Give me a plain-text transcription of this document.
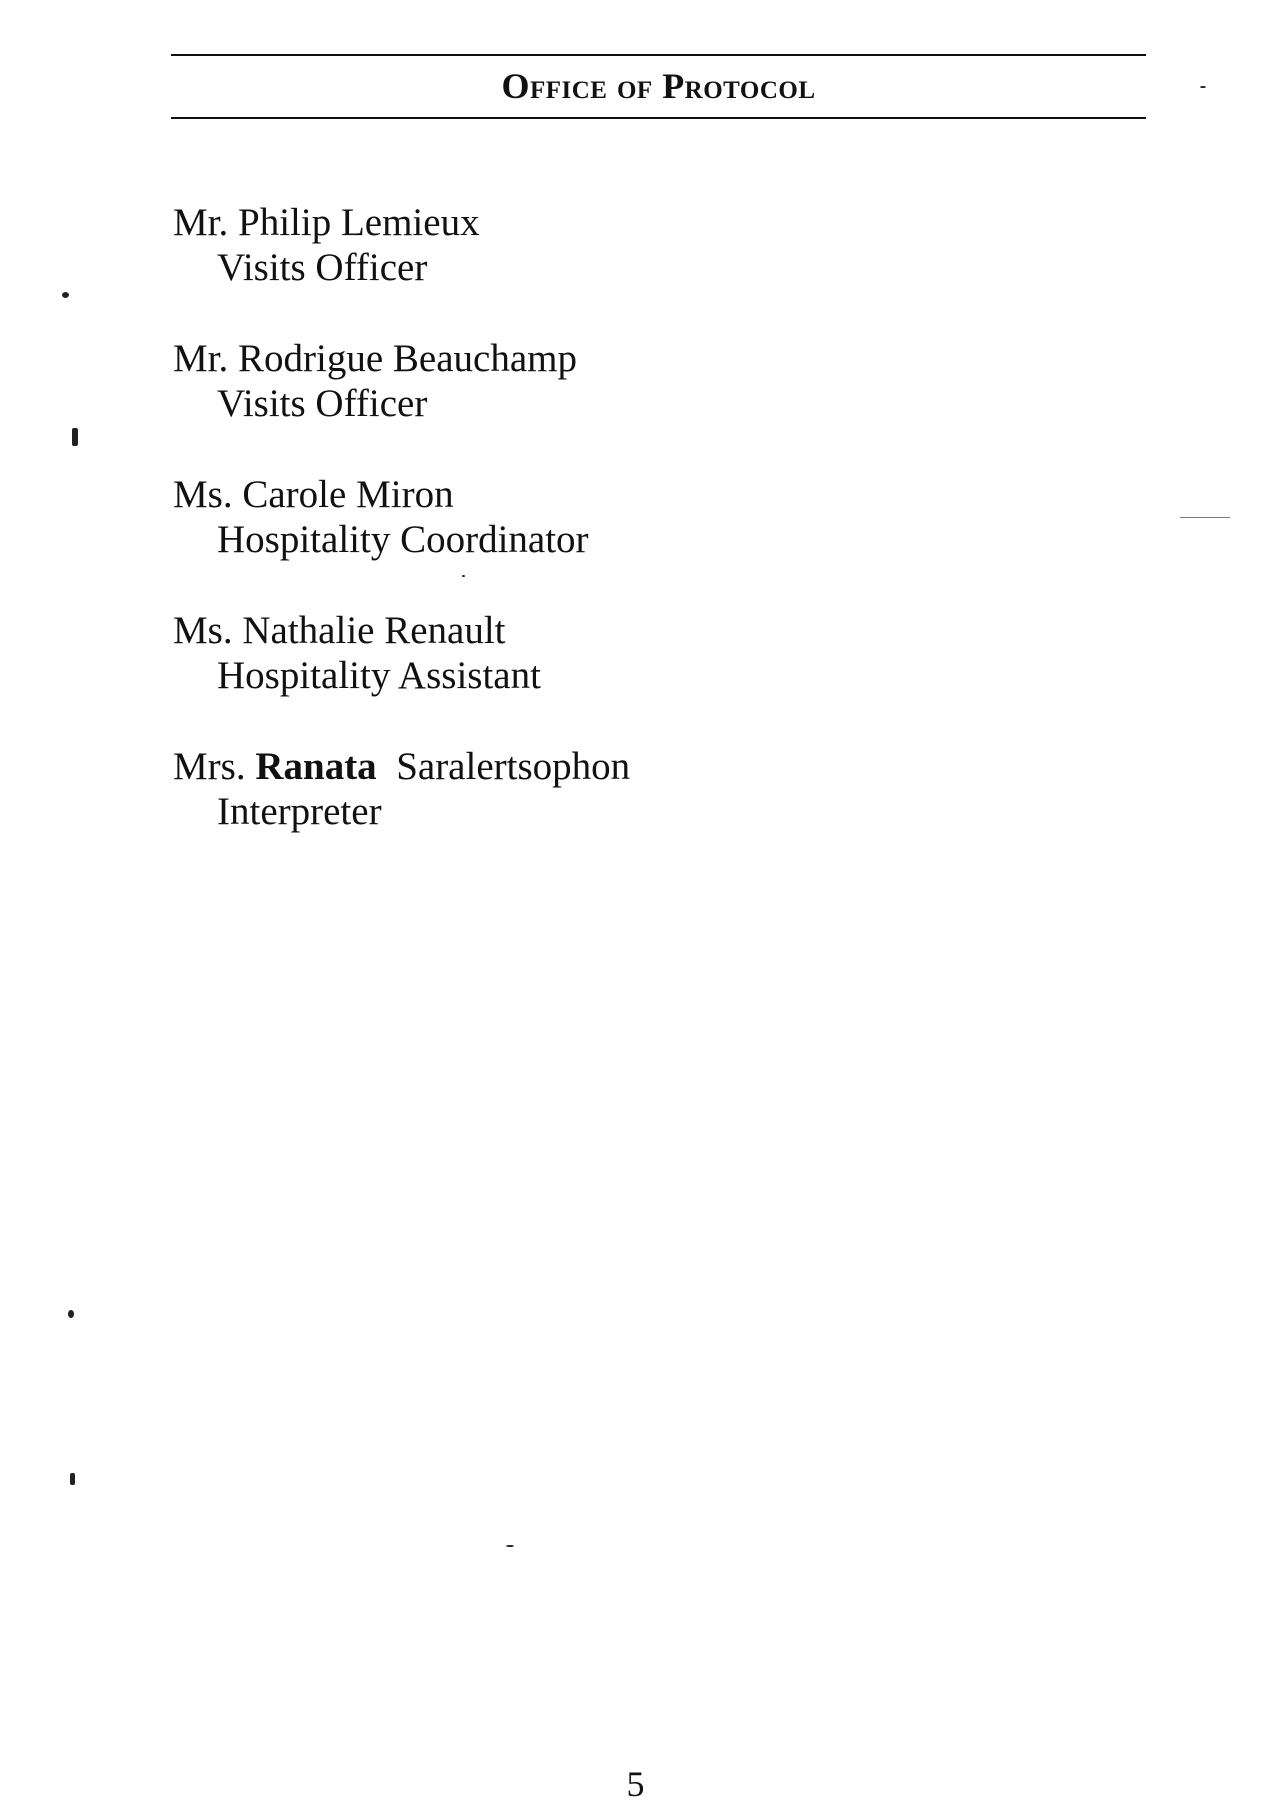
Office of Protocol
Mr. Philip Lemieux
Visits Officer
Mr. Rodrigue Beauchamp
Visits Officer
Ms. Carole Miron
Hospitality Coordinator
Ms. Nathalie Renault
Hospitality Assistant
Mrs. Ranata Saralertsophon
Interpreter
5
